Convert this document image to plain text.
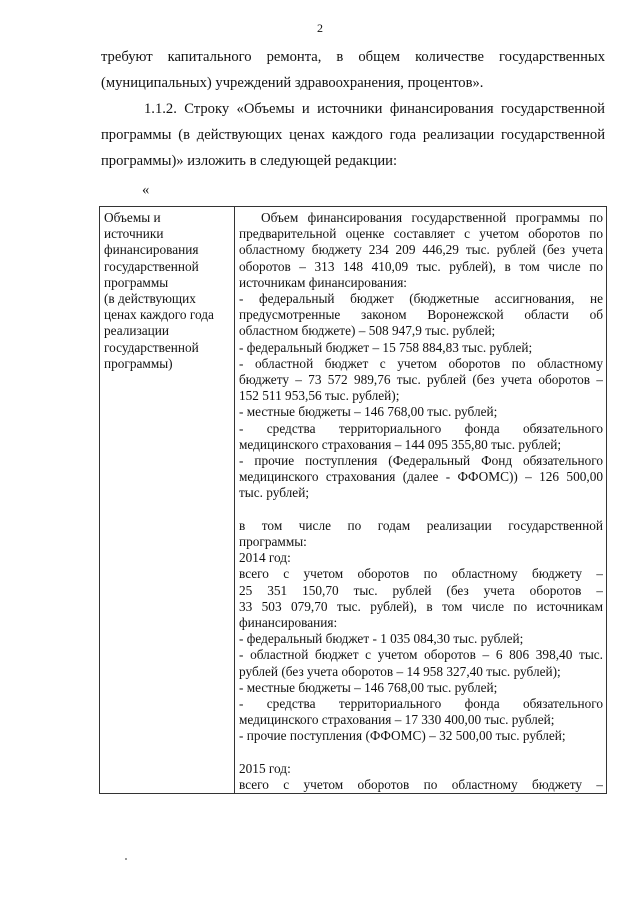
2
требуют капитального ремонта, в общем количестве государственных
(муниципальных) учреждений здравоохранения, процентов».
1.1.2. Строку «Объемы и источники финансирования государственной
программы (в действующих ценах каждого года реализации государственной
программы)» изложить в следующей редакции:
«
Объемы и
источники
финансирования
государственной
программы
(в действующих
ценах каждого года
реализации
государственной
программы)
Объем финансирования государственной программы по
предварительной оценке составляет с учетом оборотов по
областному бюджету 234 209 446,29 тыс. рублей (без учета
оборотов – 313 148 410,09 тыс. рублей), в том числе по
источникам финансирования:
- федеральный бюджет (бюджетные ассигнования, не
предусмотренные законом Воронежской области об
областном бюджете) – 508 947,9 тыс. рублей;
- федеральный бюджет – 15 758 884,83 тыс. рублей;
- областной бюджет с учетом оборотов по областному
бюджету – 73 572 989,76 тыс. рублей (без учета оборотов –
152 511 953,56 тыс. рублей);
- местные бюджеты – 146 768,00 тыс. рублей;
- средства территориального фонда обязательного
медицинского страхования – 144 095 355,80 тыс. рублей;
- прочие поступления (Федеральный Фонд обязательного
медицинского страхования (далее - ФФОМС)) – 126 500,00
тыс. рублей;
в том числе по годам реализации государственной
программы:
2014 год:
всего с учетом оборотов по областному бюджету –
25 351 150,70 тыс. рублей (без учета оборотов –
33 503 079,70 тыс. рублей), в том числе по источникам
финансирования:
- федеральный бюджет - 1 035 084,30 тыс. рублей;
- областной бюджет с учетом оборотов – 6 806 398,40 тыс.
рублей (без учета оборотов – 14 958 327,40 тыс. рублей);
- местные бюджеты – 146 768,00 тыс. рублей;
- средства территориального фонда обязательного
медицинского страхования – 17 330 400,00 тыс. рублей;
- прочие поступления (ФФОМС) – 32 500,00 тыс. рублей;
2015 год:
всего с учетом оборотов по областному бюджету –
